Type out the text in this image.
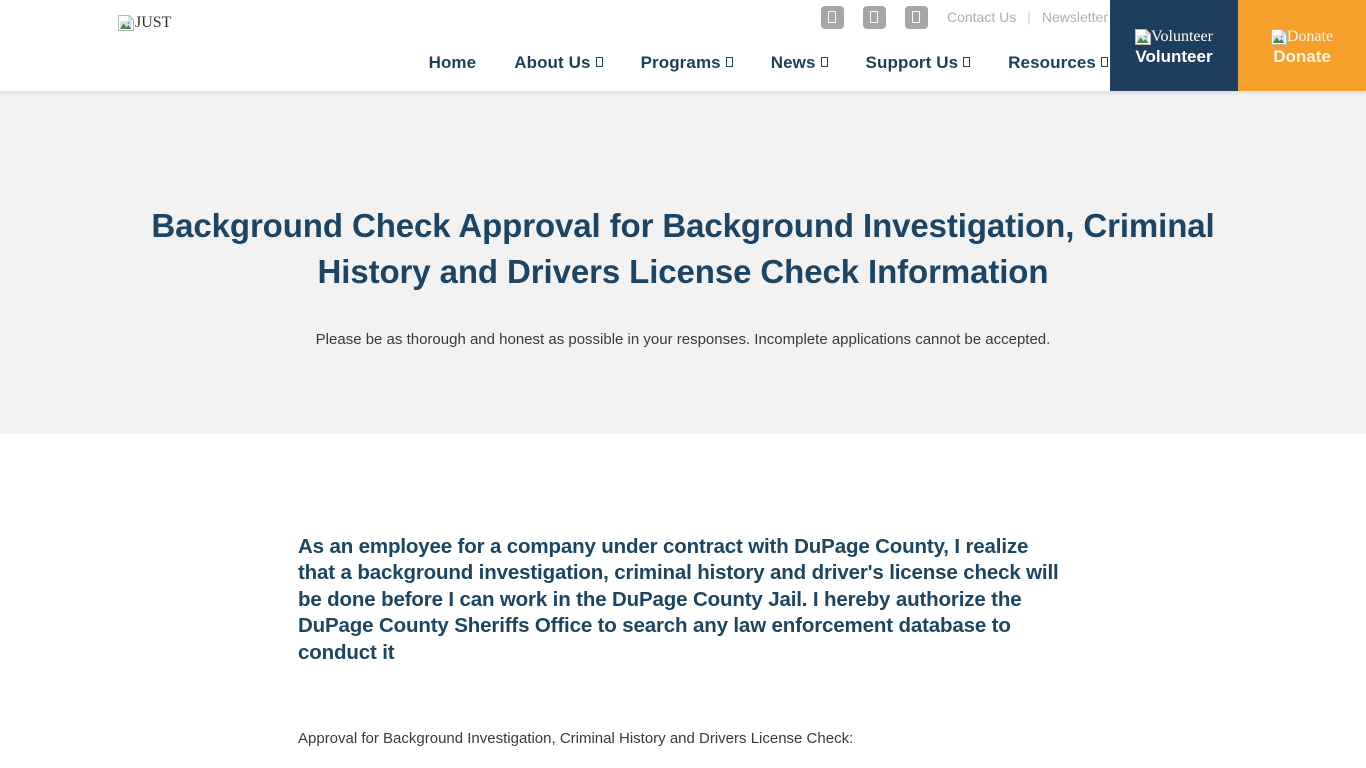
JUST	Contact Us | Newsletter
Home About Us	Programs	News	Support Us	Resources
Volunteer
Volunteer
Donate
Donate
Background Check Approval for Background Investigation, Criminal History and Drivers License Check Information

Please be as thorough and honest as possible in your responses. Incomplete applications cannot be accepted.

As an employee for a company under contract with DuPage County, I realize that a background investigation, criminal history and driver's license check will be done before I can work in the DuPage County Jail. I hereby authorize the DuPage County Sheriffs Office to search any law enforcement database to conduct it

Approval for Background Investigation, Criminal History and Drivers License Check:
